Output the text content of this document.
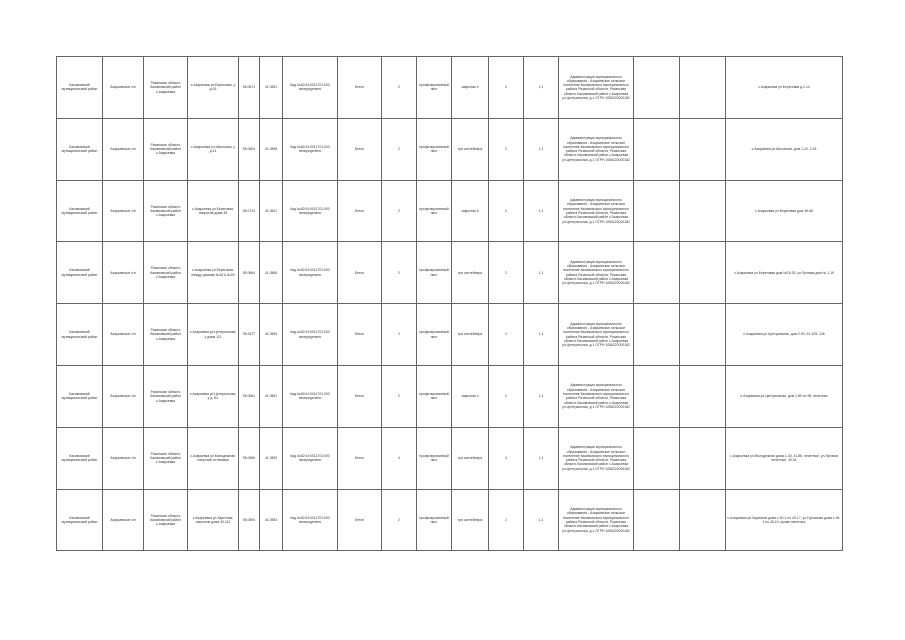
Касимовский муниципальный район	Азарьевское с/п	Рязанская область Касимовский район с.Азарьевка	с.Азарьевка ул.Береговая, у д.16	55.0671	41.0561	Кад.№62:04:0011701:000 неопределено	Бетон	2	профилированный лист	закрытая 4	0	1,1	Администрация муниципального образования - Азарьевское сельское поселение Касимовского муниципального района Рязанской области, Рязанская область Касимовский район с.Азарьевка ул.Центральная, д.1 ОГРН 1056222000182			с.Азарьевка ул.Береговая д.1-14
Касимовский муниципальный район	Азарьевское с/п	Рязанская область Касимовский район с.Азарьевка	с.Азарьевка ул.Школьная, у д.14	55.0694	41.0558	Кад.№62:04:0011701:000 неопределено	Бетон	2	профилированный лист	три контейнера	2	1,1	Администрация муниципального образования - Азарьевское сельское поселение Касимовского муниципального района Рязанской области, Рязанская область Касимовский район с.Азарьевка ул.Центральная, д.1 ОГРН 1056222000182			с.Азарьевка ул.Школьная, дом 1-19, 2-18
Касимовский муниципальный район	Азарьевское с/п	Рязанская область Касимовский район с.Азарьевка	с.Азарьевка ул.Береговая, напротив дома 46	55.0724	41.0601	Кад.№62:04:0011701:000 неопределено	Бетон	2	профилированный лист	закрытая 5	2	1,1	Администрация муниципального образования - Азарьевское сельское поселение Касимовского муниципального района Рязанской области, Рязанская область Касимовский район с.Азарьевка ул.Центральная, д.1 ОГРН 1056222000182			с.Азарьевка ул.Береговая дом 46-66
Касимовский муниципальный район	Азарьевское с/п	Рязанская область Касимовский район с.Азарьевка	с.Азарьевка ул.Береговая, между домами №18 и №26	55.0664	41.0565	Кад.№62:04:0011701:000 неопределено	Бетон	2	профилированный лист	три контейнера	2	1,1	Администрация муниципального образования - Азарьевское сельское поселение Касимовского муниципального района Рязанской области, Рязанская область Касимовский район с.Азарьевка ул.Центральная, д.1 ОГРН 1056222000182			с.Азарьевка ул.Береговая дом №15-30, ул.Луговая дом № 1-19
Касимовский муниципальный район	Азарьевское с/п	Рязанская область Касимовский район с.Азарьевка	с.Азарьевка ул.Центральная, у дома 111	55.0677	41.0554	Кад.№62:04:0011701:000 неопределено	Бетон	2	профилированный лист	три контейнера	2	1,1	Администрация муниципального образования - Азарьевское сельское поселение Касимовского муниципального района Рязанской области, Рязанская область Касимовский район с.Азарьевка ул.Центральная, д.1 ОГРН 1056222000182			с.Азарьевка ул.Центральная, дом 2-90, 91-105, 106
Касимовский муниципальный район	Азарьевское с/п	Рязанская область Касимовский район с.Азарьевка	с.Азарьевка ул.Центральная, у д.111	55.0661	41.0561	Кад.№62:04:0011701:000 неопределено	Бетон	2	профилированный лист	закрытая 4	2	1,1	Администрация муниципального образования - Азарьевское сельское поселение Касимовского муниципального района Рязанской области, Рязанская область Касимовский район с.Азарьевка ул.Центральная, д.1 ОГРН 1056222000182			с.Азарьевка ул.Центральная, дом 1-89 по 96, нечетная
Касимовский муниципальный район	Азарьевское с/п	Рязанская область Касимовский район с.Азарьевка	с.Азарьевка ул.Молодежная, напротив остановки	55.0696	41.0553	Кад.№62:04:0011701:000 неопределено	Бетон	4	профилированный лист	три контейнера	4	1,1	Администрация муниципального образования - Азарьевское сельское поселение Касимовского муниципального района Рязанской области, Рязанская область Касимовский район с.Азарьевка ул.Центральная, д.1 ОГРН 1056222000182			с.Азарьевка ул.Молодежная дома 1-40, 41-86, нечетные, ул.Луговая нечетные, 40-61
Касимовский муниципальный район	Азарьевское с/п	Рязанская область Касимовский район с.Азарьевка	с.Азарьевка ул.Заречная, напротив дома 40-112	55.0694	41.0553	Кад.№62:04:0011701:000 неопределено	Бетон	2	профилированный лист	три контейнера	2	1,1	Администрация муниципального образования - Азарьевское сельское поселение Касимовского муниципального района Рязанской области, Рязанская область Касимовский район с.Азарьевка ул.Центральная, д.1 ОГРН 1056222000182			с.Азарьевка ул.Заречная дома с 40-1 по 40-17, ул.Горчакова дома с 46-1 по 46-10, кроме нечетных
